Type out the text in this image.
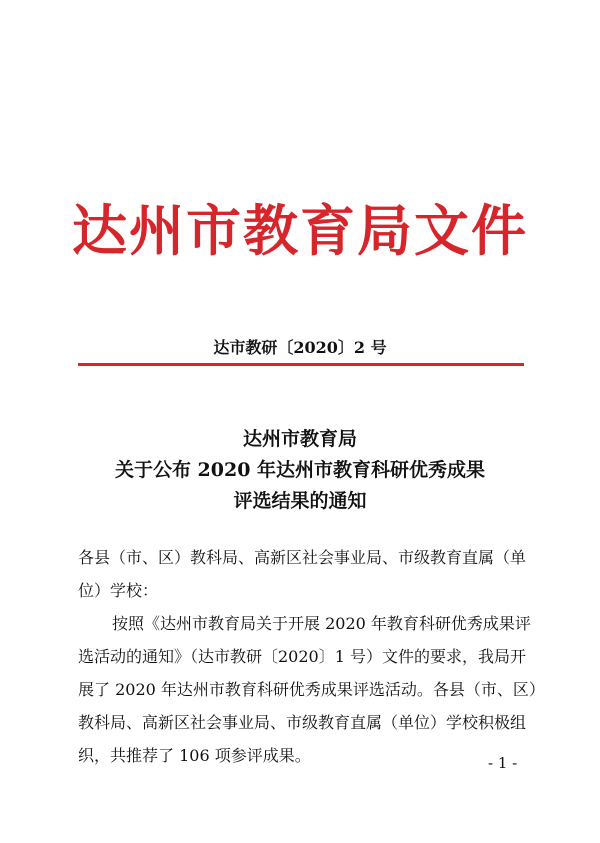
达州市教育局文件
达市教研〔2020〕2 号
达州市教育局
关于公布 2020 年达州市教育科研优秀成果
评选结果的通知
各县（市、区）教科局、高新区社会事业局、市级教育直属（单
位）学校：
按照《达州市教育局关于开展 2020 年教育科研优秀成果评
选活动的通知》（达市教研〔2020〕1 号）文件的要求，我局开
展了 2020 年达州市教育科研优秀成果评选活动。各县（市、区）
教科局、高新区社会事业局、市级教育直属（单位）学校积极组
织，共推荐了 106 项参评成果。	- 1 -
